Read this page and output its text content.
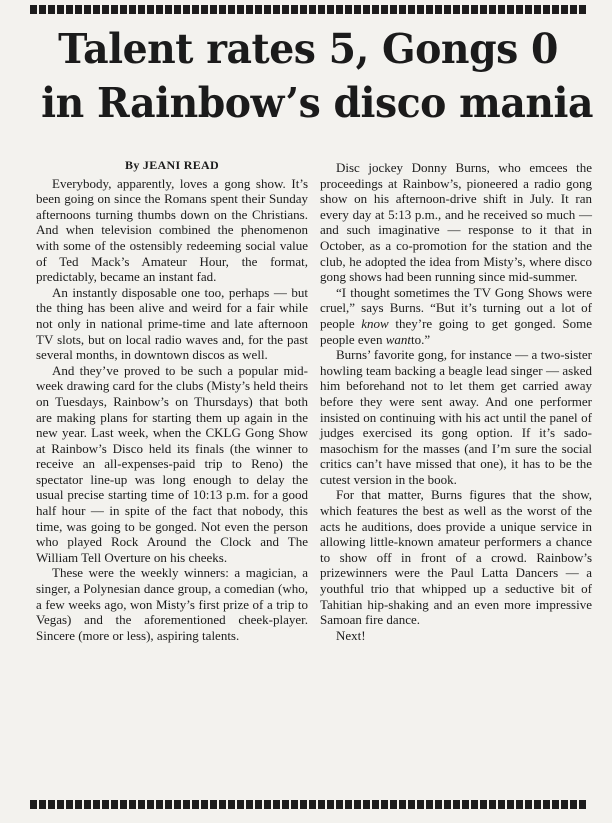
Talent rates 5, Gongs 0
in Rainbow’s disco mania
By JEANI READ

Everybody, apparently, loves a gong show. It’s been going on since the Romans spent their Sunday afternoons turning thumbs down on the Christians. And when television combined the phenomenon with some of the ostensibly redeeming social value of Ted Mack’s Amateur Hour, the format, predictably, became an instant fad.

An instantly disposable one too, perhaps — but the thing has been alive and weird for a fair while not only in national prime-time and late afternoon TV slots, but on local radio waves and, for the past several months, in downtown discos as well.

And they’ve proved to be such a popular mid-week drawing card for the clubs (Misty’s held theirs on Tuesdays, Rainbow’s on Thursdays) that both are making plans for starting them up again in the new year. Last week, when the CKLG Gong Show at Rainbow’s Disco held its finals (the winner to receive an all-expenses-paid trip to Reno) the spectator line-up was long enough to delay the usual precise starting time of 10:13 p.m. for a good half hour — in spite of the fact that nobody, this time, was going to be gonged. Not even the person who played Rock Around the Clock and The William Tell Overture on his cheeks.

These were the weekly winners: a magician, a singer, a Polynesian dance group, a comedian (who, a few weeks ago, won Misty’s first prize of a trip to Vegas) and the aforementioned cheek-player. Sincere (more or less), aspiring talents.

Disc jockey Donny Burns, who emcees the proceedings at Rainbow’s, pioneered a radio gong show on his afternoon-drive shift in July. It ran every day at 5:13 p.m., and he received so much — and such imaginative — response to it that in October, as a co-promotion for the station and the club, he adopted the idea from Misty’s, where disco gong shows had been running since mid-summer.

“I thought sometimes the TV Gong Shows were cruel,” says Burns. “But it’s turning out a lot of people know they’re going to get gonged. Some people even wantto.”

Burns’ favorite gong, for instance — a two-sister howling team backing a beagle lead singer — asked him beforehand not to let them get carried away before they were sent away. And one performer insisted on continuing with his act until the panel of judges exercised its gong option. If it’s sado-masochism for the masses (and I’m sure the social critics can’t have missed that one), it has to be the cutest version in the book.

For that matter, Burns figures that the show, which features the best as well as the worst of the acts he auditions, does provide a unique service in allowing little-known amateur performers a chance to show off in front of a crowd. Rainbow’s prizewinners were the Paul Latta Dancers — a youthful trio that whipped up a seductive bit of Tahitian hip-shaking and an even more impressive Samoan fire dance.

Next!
